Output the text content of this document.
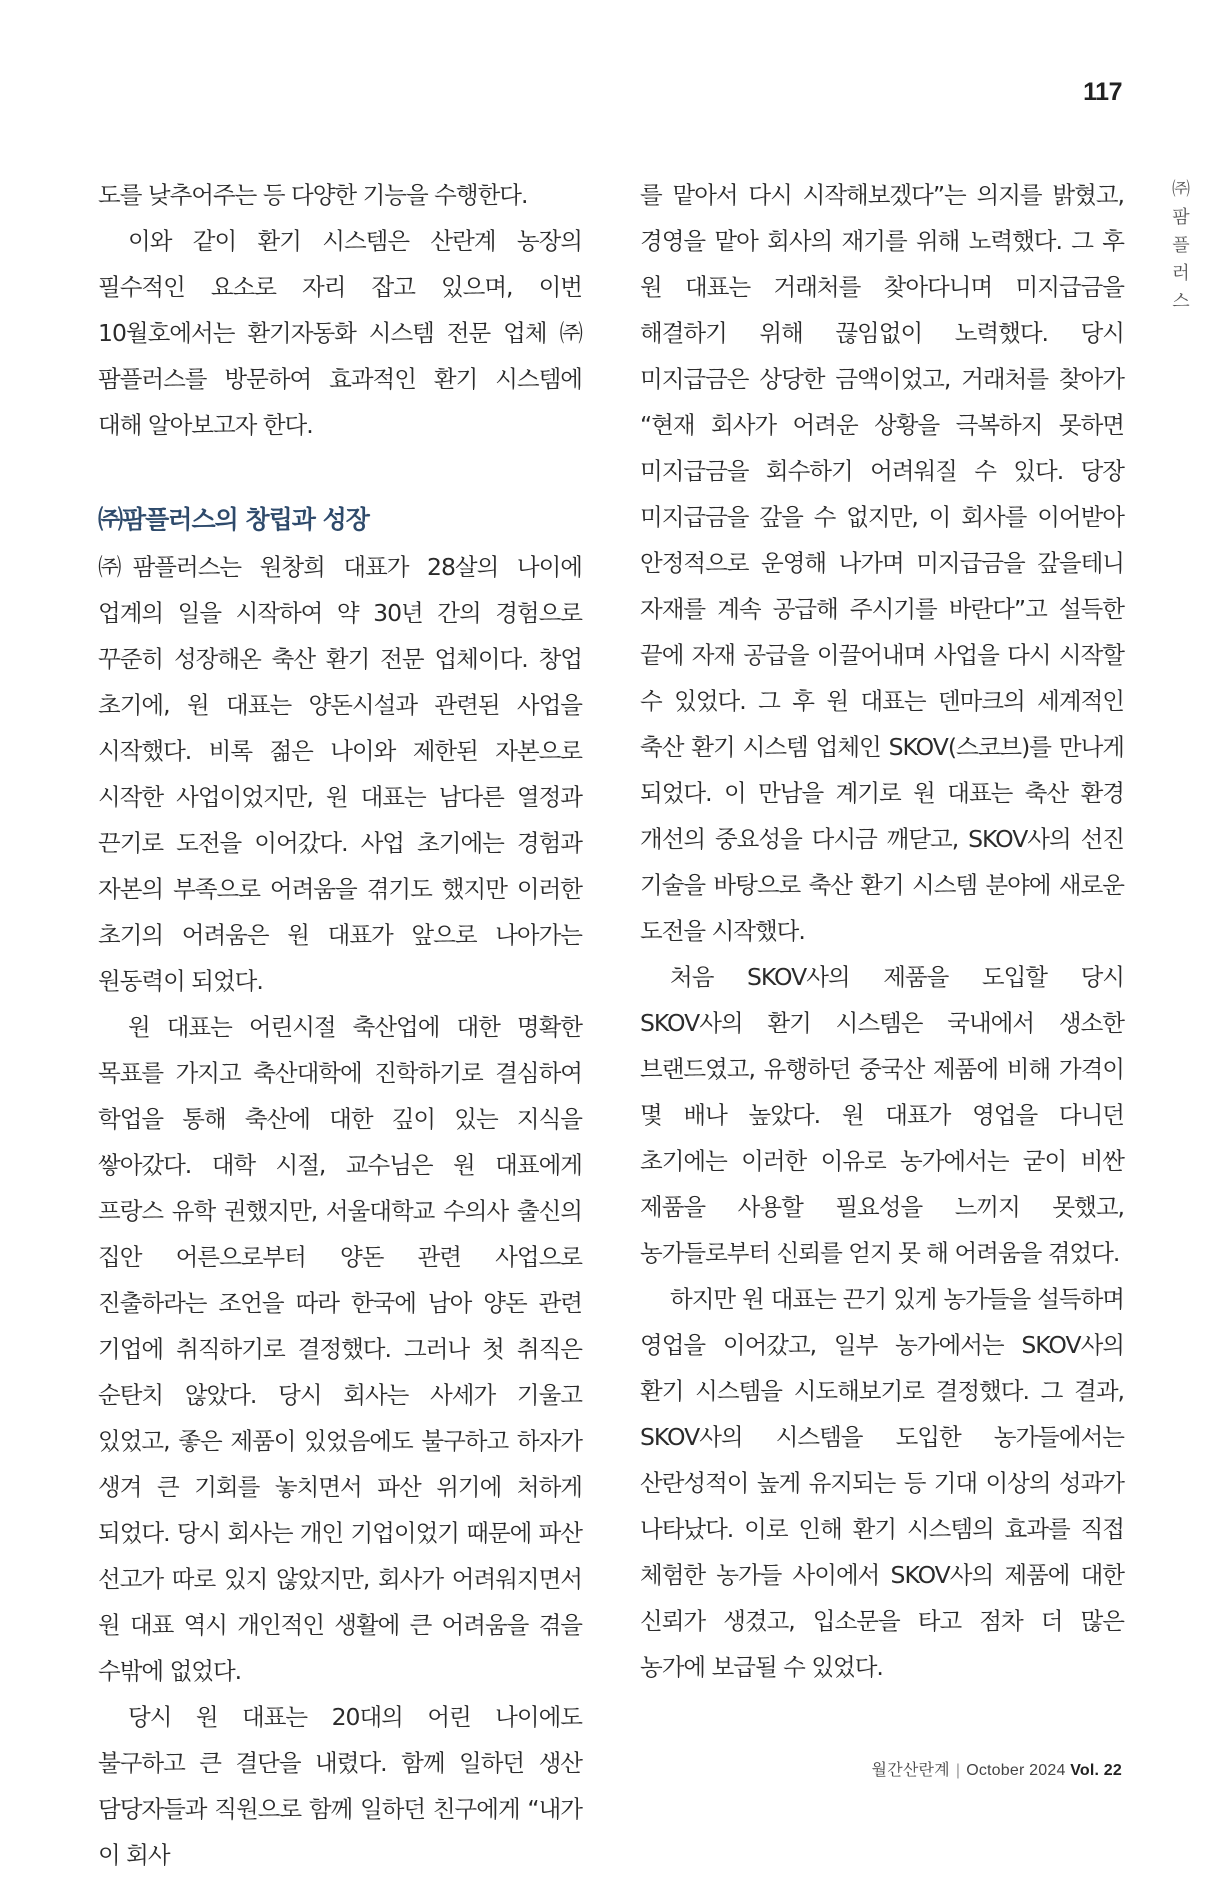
117
㈜
팜
플
러
스

도를 낮추어주는 등 다양한 기능을 수행한다.

이와 같이 환기 시스템은 산란계 농장의 필수적인 요소로 자리 잡고 있으며, 이번 10월호에서는 환기자동화 시스템 전문 업체 ㈜팜플러스를 방문하여 효과적인 환기 시스템에 대해 알아보고자 한다.

㈜팜플러스의 창립과 성장

㈜팜플러스는 원창희 대표가 28살의 나이에 업계의 일을 시작하여 약 30년 간의 경험으로 꾸준히 성장해온 축산 환기 전문 업체이다. 창업 초기에, 원 대표는 양돈시설과 관련된 사업을 시작했다. 비록 젊은 나이와 제한된 자본으로 시작한 사업이었지만, 원 대표는 남다른 열정과 끈기로 도전을 이어갔다. 사업 초기에는 경험과 자본의 부족으로 어려움을 겪기도 했지만 이러한 초기의 어려움은 원 대표가 앞으로 나아가는 원동력이 되었다.

원 대표는 어린시절 축산업에 대한 명확한 목표를 가지고 축산대학에 진학하기로 결심하여 학업을 통해 축산에 대한 깊이 있는 지식을 쌓아갔다. 대학 시절, 교수님은 원 대표에게 프랑스 유학 권했지만, 서울대학교 수의사 출신의 집안 어른으로부터 양돈 관련 사업으로 진출하라는 조언을 따라 한국에 남아 양돈 관련 기업에 취직하기로 결정했다. 그러나 첫 취직은 순탄치 않았다. 당시 회사는 사세가 기울고 있었고, 좋은 제품이 있었음에도 불구하고 하자가 생겨 큰 기회를 놓치면서 파산 위기에 처하게 되었다. 당시 회사는 개인 기업이었기 때문에 파산 선고가 따로 있지 않았지만, 회사가 어려워지면서 원 대표 역시 개인적인 생활에 큰 어려움을 겪을 수밖에 없었다.

당시 원 대표는 20대의 어린 나이에도 불구하고 큰 결단을 내렸다. 함께 일하던 생산 담당자들과 직원으로 함께 일하던 친구에게 “내가 이 회사

를 맡아서 다시 시작해보겠다”는 의지를 밝혔고, 경영을 맡아 회사의 재기를 위해 노력했다. 그 후 원 대표는 거래처를 찾아다니며 미지급금을 해결하기 위해 끊임없이 노력했다. 당시 미지급금은 상당한 금액이었고, 거래처를 찾아가 “현재 회사가 어려운 상황을 극복하지 못하면 미지급금을 회수하기 어려워질 수 있다. 당장 미지급금을 갚을 수 없지만, 이 회사를 이어받아 안정적으로 운영해 나가며 미지급금을 갚을테니 자재를 계속 공급해 주시기를 바란다”고 설득한 끝에 자재 공급을 이끌어내며 사업을 다시 시작할 수 있었다. 그 후 원 대표는 덴마크의 세계적인 축산 환기 시스템 업체인 SKOV(스코브)를 만나게 되었다. 이 만남을 계기로 원 대표는 축산 환경 개선의 중요성을 다시금 깨닫고, SKOV사의 선진 기술을 바탕으로 축산 환기 시스템 분야에 새로운 도전을 시작했다.

처음 SKOV사의 제품을 도입할 당시 SKOV사의 환기 시스템은 국내에서 생소한 브랜드였고, 유행하던 중국산 제품에 비해 가격이 몇 배나 높았다. 원 대표가 영업을 다니던 초기에는 이러한 이유로 농가에서는 굳이 비싼 제품을 사용할 필요성을 느끼지 못했고, 농가들로부터 신뢰를 얻지 못 해 어려움을 겪었다.

하지만 원 대표는 끈기 있게 농가들을 설득하며 영업을 이어갔고, 일부 농가에서는 SKOV사의 환기 시스템을 시도해보기로 결정했다. 그 결과, SKOV사의 시스템을 도입한 농가들에서는 산란성적이 높게 유지되는 등 기대 이상의 성과가 나타났다. 이로 인해 환기 시스템의 효과를 직접 체험한 농가들 사이에서 SKOV사의 제품에 대한 신뢰가 생겼고, 입소문을 타고 점차 더 많은 농가에 보급될 수 있었다.

월간산란계 | October 2024 Vol. 22
